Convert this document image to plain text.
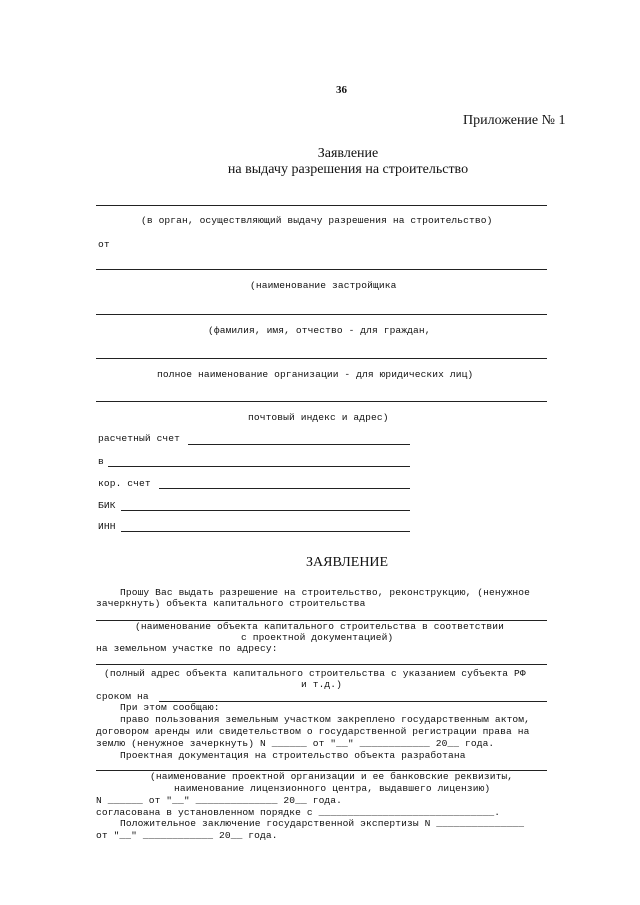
36
Приложение № 1
Заявление
на выдачу разрешения на строительство
(в орган, осуществляющий выдачу разрешения на строительство)
от
(наименование застройщика
(фамилия, имя, отчество - для граждан,
полное наименование организации - для юридических лиц)
почтовый индекс и адрес)
расчетный счет
в
кор. счет
БИК
ИНН
ЗАЯВЛЕНИЕ
Прошу Вас выдать разрешение на строительство, реконструкцию, (ненужное
зачеркнуть) объекта капитального строительства
(наименование объекта капитального строительства в соответствии
с проектной документацией)
на земельном участке по адресу:
(полный адрес объекта капитального строительства с указанием субъекта РФ
и т.д.)
сроком на
При этом сообщаю:
право пользования земельным участком закреплено государственным актом,
договором аренды или свидетельством о государственной регистрации права на
землю (ненужное зачеркнуть) N ______ от "__" ____________ 20__ года.
Проектная документация на строительство объекта разработана
(наименование проектной организации и ее банковские реквизиты,
наименование лицензионного центра, выдавшего лицензию)
N ______ от "__" ______________ 20__ года.
согласована в установленном порядке с ______________________________.
Положительное заключение государственной экспертизы N _______________
от "__" ____________ 20__ года.
